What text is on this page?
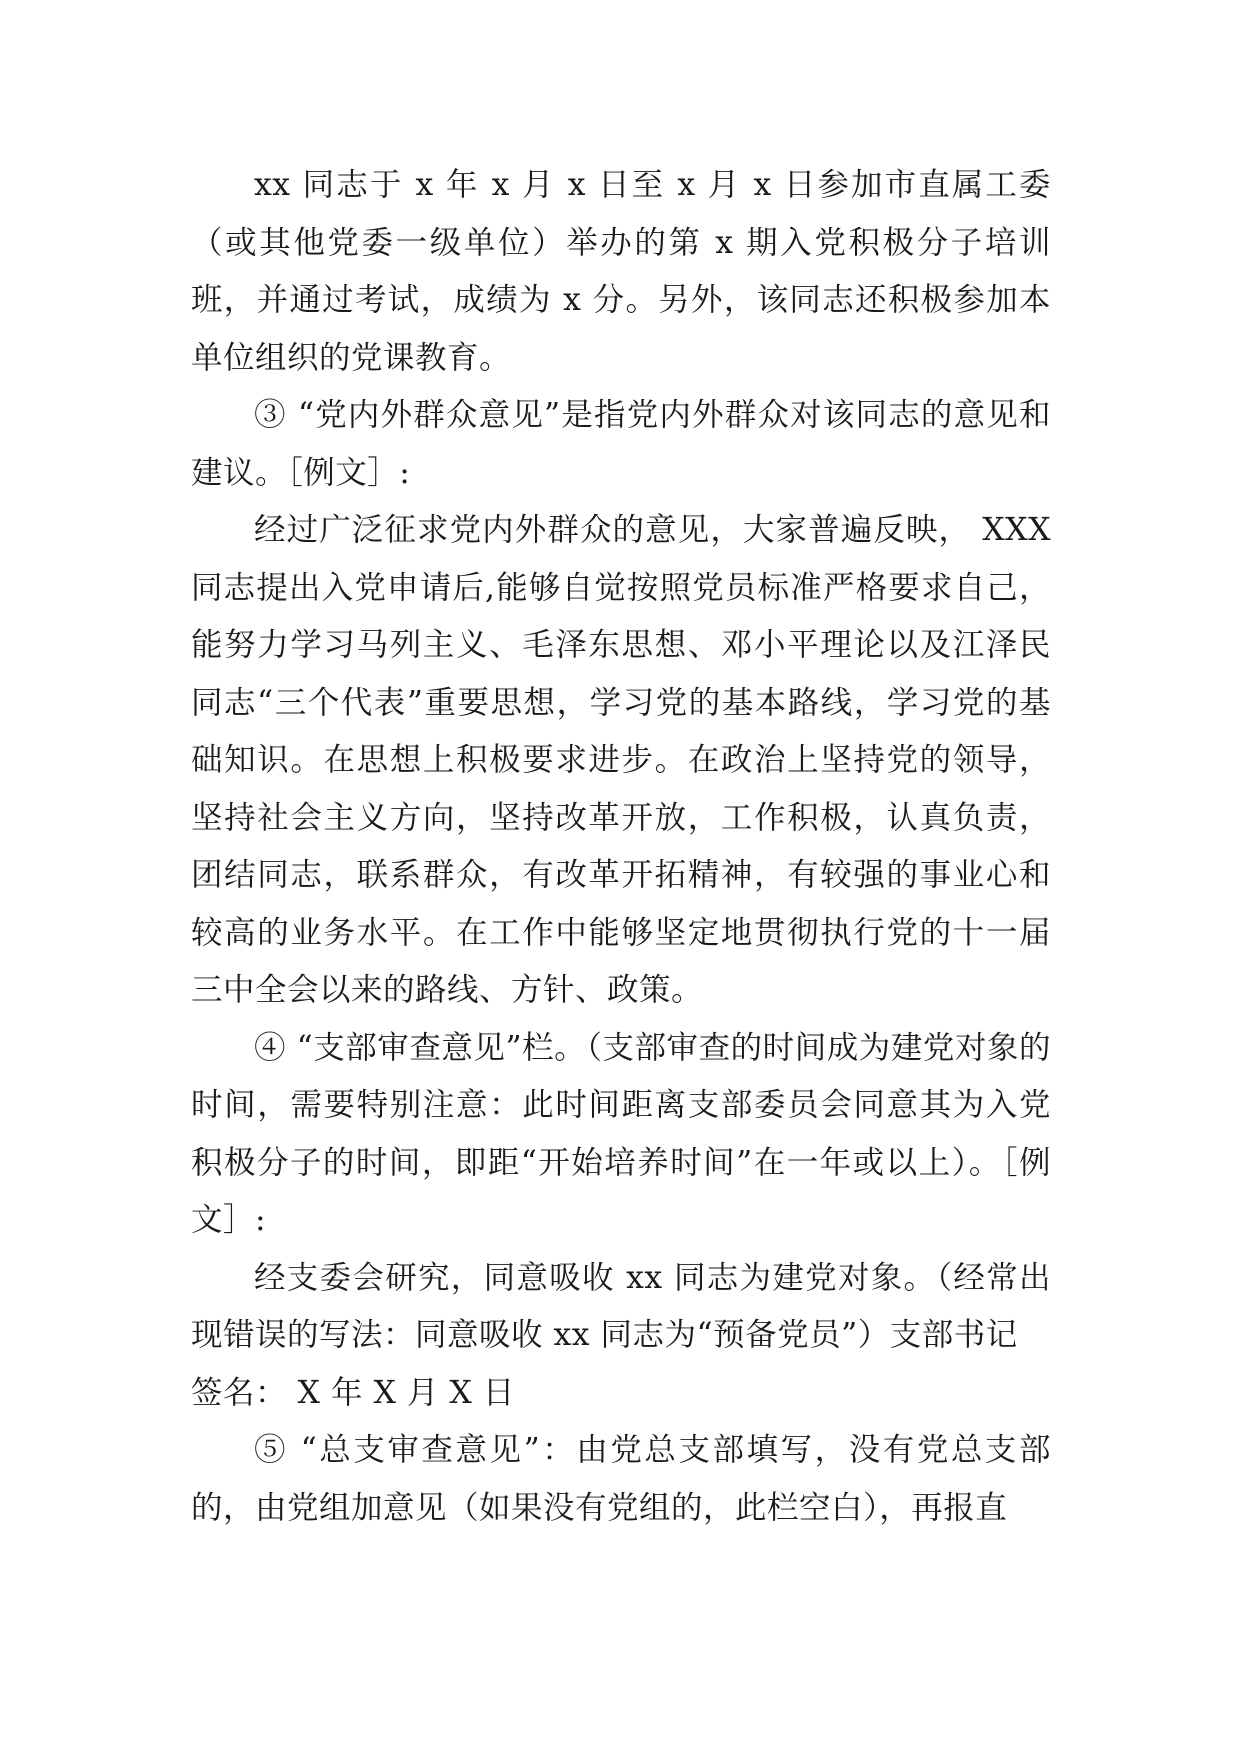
xx 同志于 x 年 x 月 x 日至 x 月 x 日参加市直属工委（或其他党委一级单位）举办的第 x 期入党积极分子培训班，并通过考试，成绩为 x 分。另外，该同志还积极参加本单位组织的党课教育。

③ “党内外群众意见”是指党内外群众对该同志的意见和建议。［例文］:

经过广泛征求党内外群众的意见，大家普遍反映， XXX 同志提出入党申请后,能够自觉按照党员标准严格要求自己，能努力学习马列主义、毛泽东思想、邓小平理论以及江泽民同志“三个代表”重要思想，学习党的基本路线，学习党的基础知识。在思想上积极要求进步。在政治上坚持党的领导，坚持社会主义方向，坚持改革开放，工作积极，认真负责，团结同志，联系群众，有改革开拓精神，有较强的事业心和较高的业务水平。在工作中能够坚定地贯彻执行党的十一届三中全会以来的路线、方针、政策。

④ “支部审查意见”栏。（支部审查的时间成为建党对象的时间，需要特别注意：此时间距离支部委员会同意其为入党积极分子的时间，即距“开始培养时间”在一年或以上）。［例文］:

经支委会研究，同意吸收 xx 同志为建党对象。（经常出现错误的写法：同意吸收 xx 同志为“预备党员”）支部书记

签名： X 年 X 月 X 日

⑤ “总支审查意见”：由党总支部填写，没有党总支部的，由党组加意见（如果没有党组的，此栏空白），再报直
